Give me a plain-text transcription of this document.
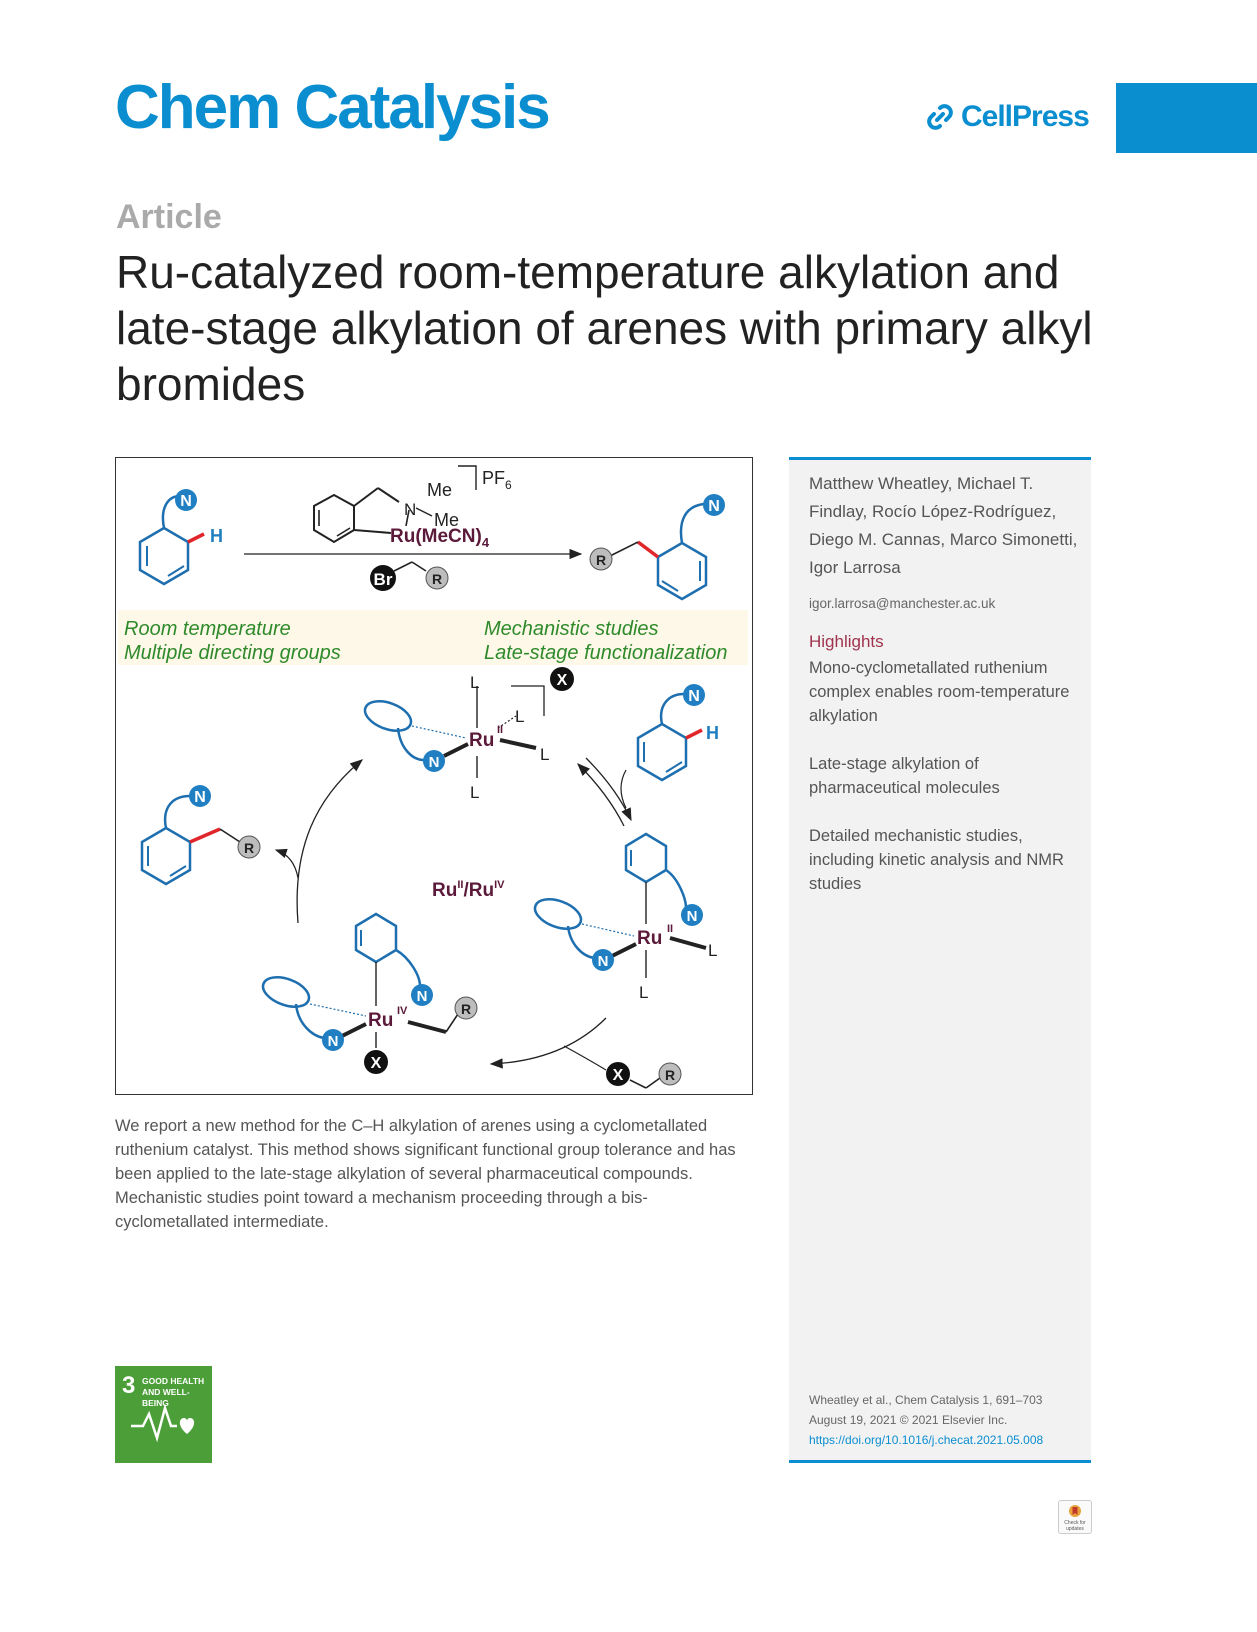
Chem Catalysis	CellPress
Article
Ru-catalyzed room-temperature alkylation and late-stage alkylation of arenes with primary alkyl bromides
N
H
N
Me
Me
$Ru(MeCN)_4$
$PF_6$
Br	R
R
N
Room temperature
Multiple directing groups
Mechanistic studies
Late-stage functionalization
L
L
L
L
Ru II
X
N
N
H
R
N
$Ru^{II}/Ru^{IV}$
N
Ru II
L
L
N
N
Ru IV	R
X
N
X	R
We report a new method for the C–H alkylation of arenes using a cyclometallated ruthenium catalyst. This method shows significant functional group tolerance and has been applied to the late-stage alkylation of several pharmaceutical compounds. Mechanistic studies point toward a mechanism proceeding through a bis-cyclometallated intermediate.
Matthew Wheatley, Michael T. Findlay, Rocío López-Rodríguez, Diego M. Cannas, Marco Simonetti, Igor Larrosa
igor.larrosa@manchester.ac.uk
Highlights
Mono-cyclometallated ruthenium complex enables room-temperature alkylation
Late-stage alkylation of pharmaceutical molecules
Detailed mechanistic studies, including kinetic analysis and NMR studies
Wheatley et al., Chem Catalysis 1, 691–703
August 19, 2021 © 2021 Elsevier Inc.
https://doi.org/10.1016/j.checat.2021.05.008
3 GOOD HEALTH AND WELL-BEING
Check for updates
